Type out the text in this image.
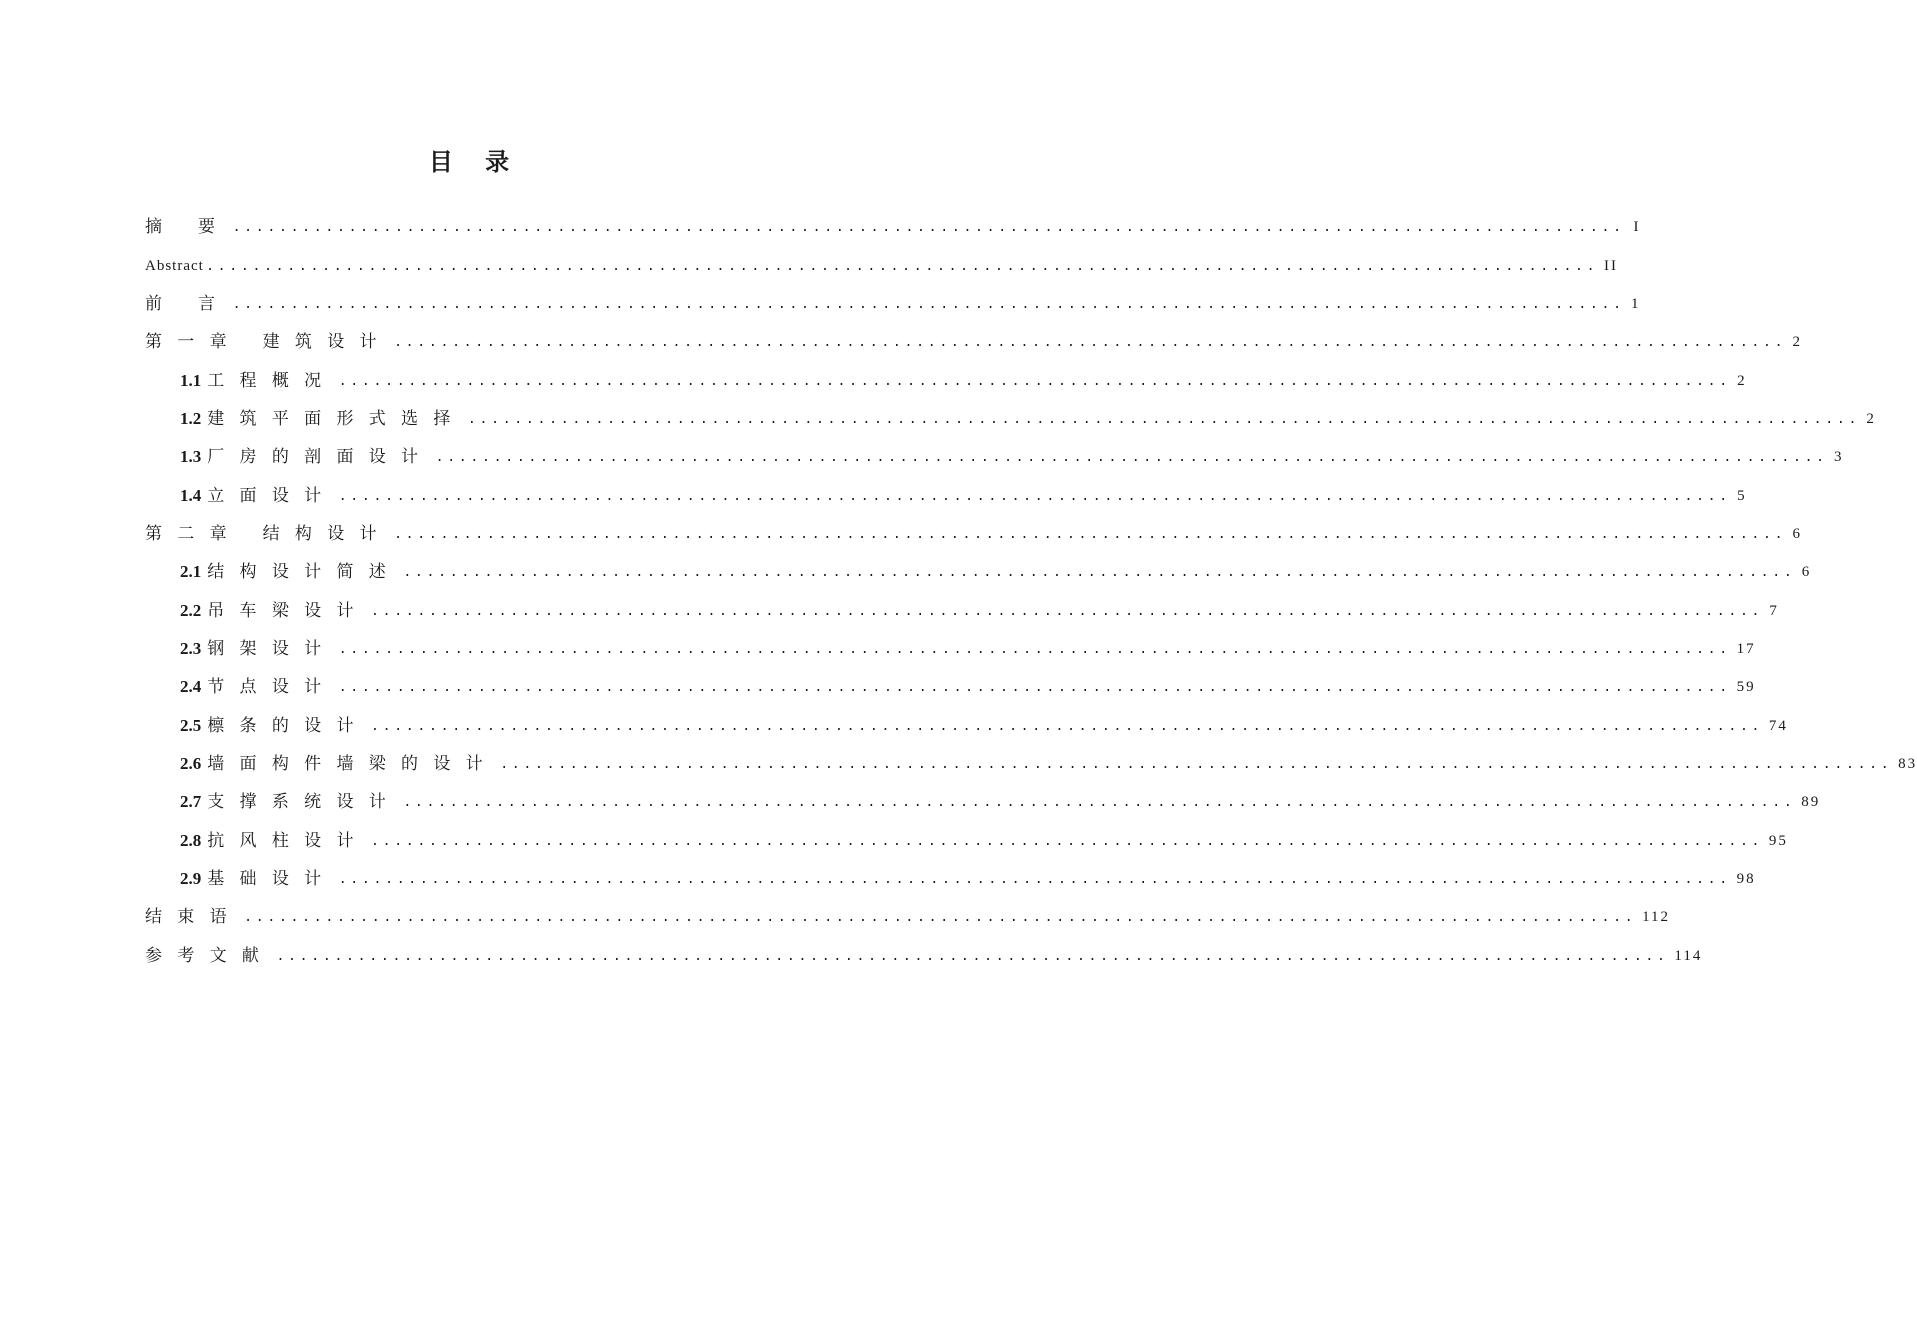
目 录
摘 要 ........................................................................................................................ I
Abstract ........................................................................................................................ II
前 言 ........................................................................................................................ 1
第一章 建筑设计 ........................................................................................................................ 2
1.1 工程概况 ........................................................................................................................ 2
1.2 建筑平面形式选择 ........................................................................................................................ 2
1.3 厂房的剖面设计 ........................................................................................................................ 3
1.4 立面设计 ........................................................................................................................ 5
第二章 结构设计 ........................................................................................................................ 6
2.1 结构设计简述 ........................................................................................................................ 6
2.2 吊车梁设计 ........................................................................................................................ 7
2.3 钢架设计 ........................................................................................................................ 17
2.4 节点设计 ........................................................................................................................ 59
2.5 檩条的设计 ........................................................................................................................ 74
2.6 墙面构件墙梁的设计 ........................................................................................................................ 83
2.7 支撑系统设计 ........................................................................................................................ 89
2.8 抗风柱设计 ........................................................................................................................ 95
2.9 基础设计 ........................................................................................................................ 98
结束语 ........................................................................................................................ 112
参考文献 ........................................................................................................................ 114
